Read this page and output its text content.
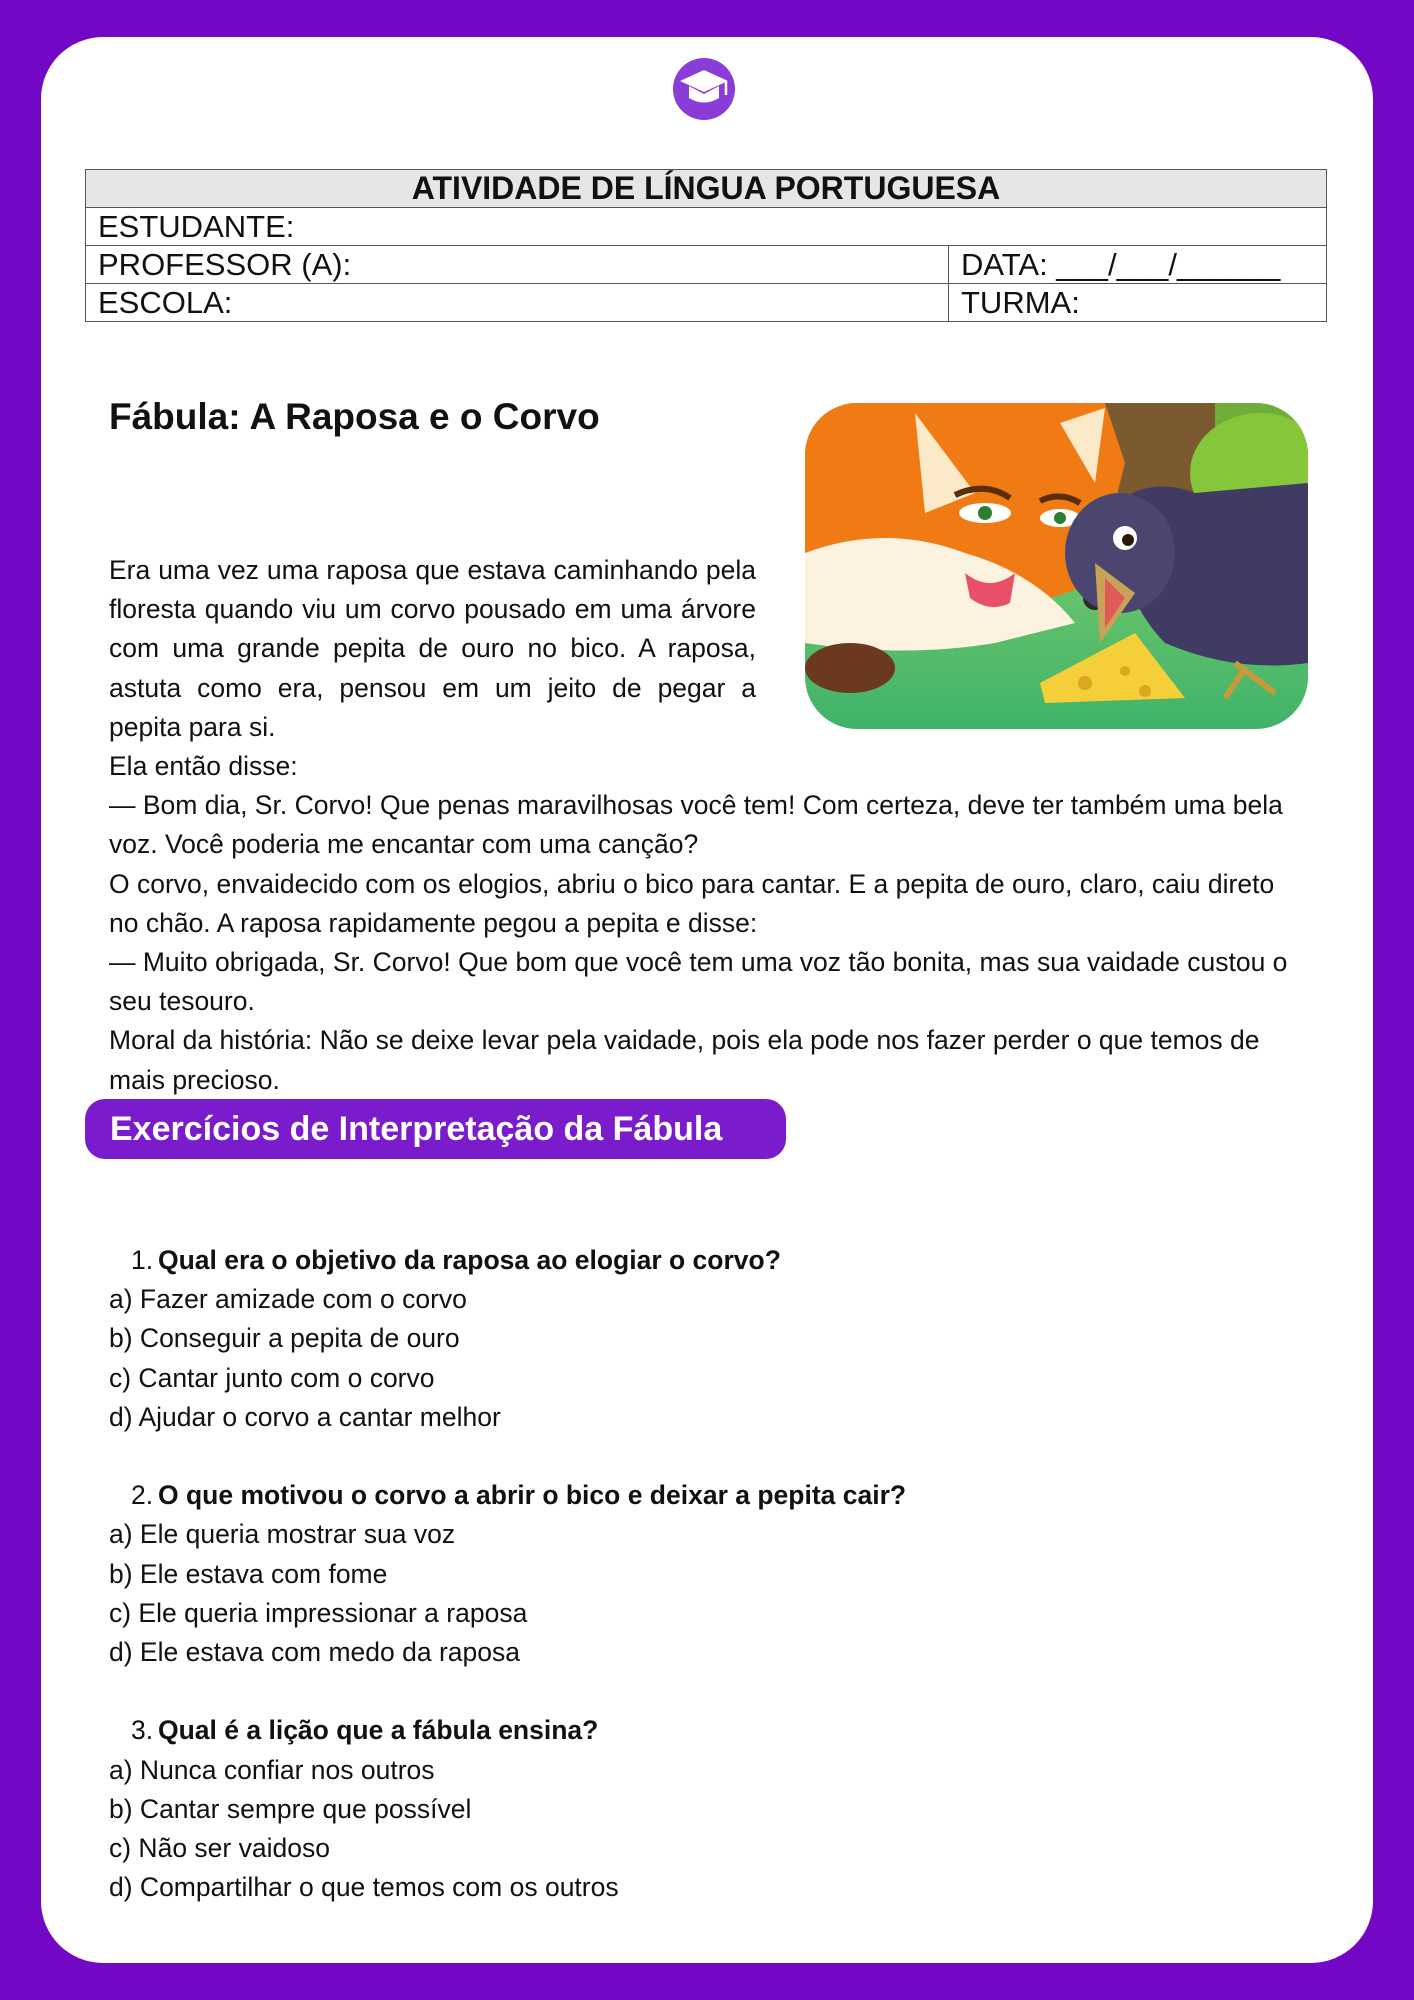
ATIVIDADE DE LÍNGUA PORTUGUESA	
ESTUDANTE:	
PROFESSOR (A):	DATA: ___/___/______
ESCOLA:	TURMA:
Fábula: A Raposa e o Corvo

Era uma vez uma raposa que estava caminhando pela floresta quando viu um corvo pousado em uma árvore com uma grande pepita de ouro no bico. A raposa, astuta como era, pensou em um jeito de pegar a pepita para si.

Ela então disse:

— Bom dia, Sr. Corvo! Que penas maravilhosas você tem! Com certeza, deve ter também uma bela voz. Você poderia me encantar com uma canção?

O corvo, envaidecido com os elogios, abriu o bico para cantar. E a pepita de ouro, claro, caiu direto no chão. A raposa rapidamente pegou a pepita e disse:

— Muito obrigada, Sr. Corvo! Que bom que você tem uma voz tão bonita, mas sua vaidade custou o seu tesouro.

Moral da história: Não se deixe levar pela vaidade, pois ela pode nos fazer perder o que temos de mais precioso.

Exercícios de Interpretação da Fábula
1. Qual era o objetivo da raposa ao elogiar o corvo?

a) Fazer amizade com o corvo

b) Conseguir a pepita de ouro

c) Cantar junto com o corvo

d) Ajudar o corvo a cantar melhor

2. O que motivou o corvo a abrir o bico e deixar a pepita cair?

a) Ele queria mostrar sua voz

b) Ele estava com fome

c) Ele queria impressionar a raposa

d) Ele estava com medo da raposa

3. Qual é a lição que a fábula ensina?

a) Nunca confiar nos outros

b) Cantar sempre que possível

c) Não ser vaidoso

d) Compartilhar o que temos com os outros
